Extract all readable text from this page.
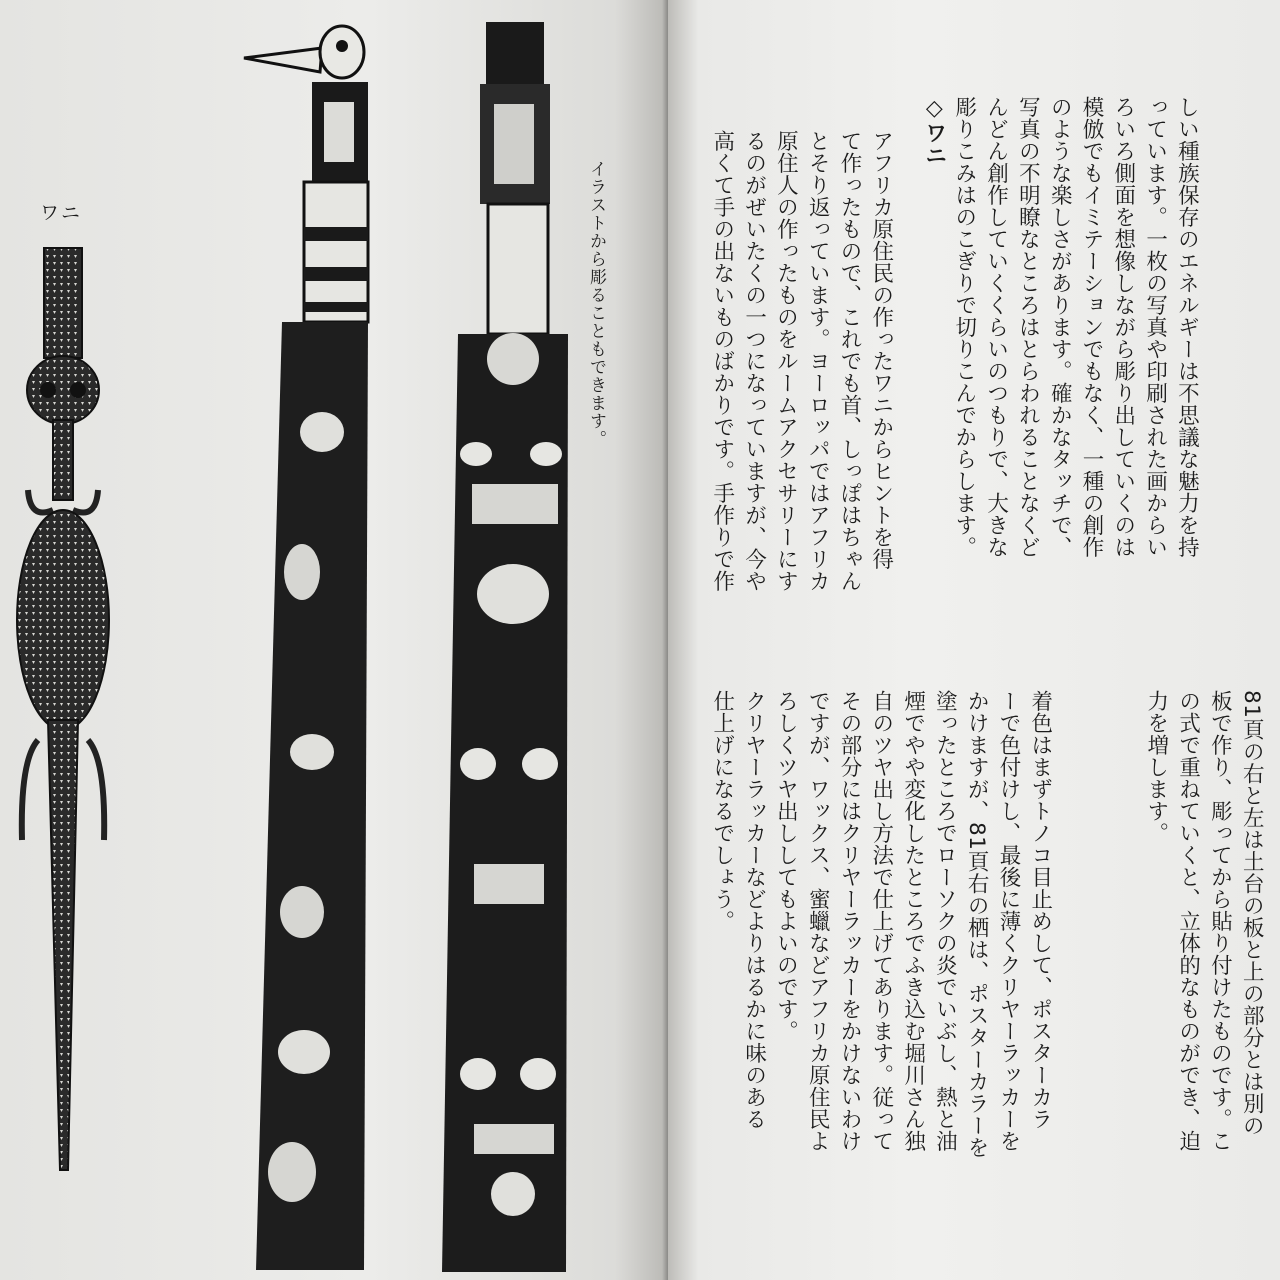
ワニ	イラストから彫ることもできます。	しい種族保存のエネルギーは不思議な魅力を持
っています。一枚の写真や印刷された画からい
ろいろ側面を想像しながら彫り出していくのは
模倣でもイミテーションでもなく、一種の創作
のような楽しさがあります。確かなタッチで、
写真の不明瞭なところはとらわれることなくど
んどん創作していくくらいのつもりで、大きな
彫りこみはのこぎりで切りこんでからします。

◇ワニ

アフリカ原住民の作ったワニからヒントを得
て作ったもので、これでも首、しっぽはちゃん
とそり返っています。ヨーロッパではアフリカ
原住人の作ったものをルームアクセサリーにす
るのがぜいたくの一つになっていますが、今や
高くて手の出ないものばかりです。手作りで作

81頁の右と左は土台の板と上の部分とは別の
板で作り、彫ってから貼り付けたものです。こ
の式で重ねていくと、立体的なものができ、迫
力を増します。

着色はまずトノコ目止めして、ポスターカラ
ーで色付けし、最後に薄くクリヤーラッカーを
かけますが、81頁右の栖は、ポスターカラーを
塗ったところでローソクの炎でいぶし、熱と油
煙でやや変化したところでふき込む堀川さん独
自のツヤ出し方法で仕上げてあります。従って
その部分にはクリヤーラッカーをかけないわけ
ですが、ワックス、蜜蠟などアフリカ原住民よ
ろしくツヤ出ししてもよいのです。
クリヤーラッカーなどよりはるかに味のある
仕上げになるでしょう。
